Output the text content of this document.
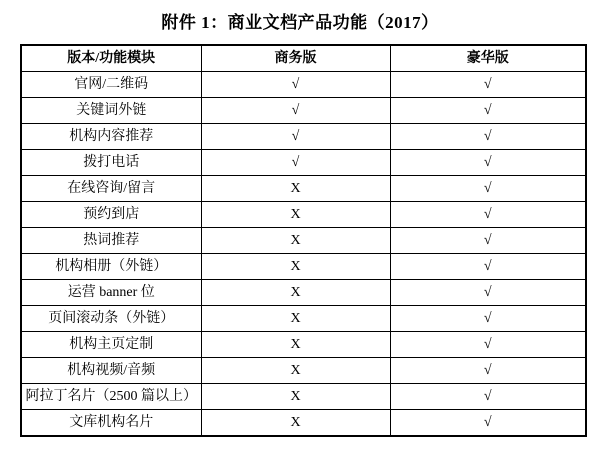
附件 1：商业文档产品功能（2017）
版本/功能模块	商务版	豪华版
官网/二维码	√	√
关键词外链	√	√
机构内容推荐	√	√
拨打电话	√	√
在线咨询/留言	X	√
预约到店	X	√
热词推荐	X	√
机构相册（外链）	X	√
运营 banner 位	X	√
页间滚动条（外链）	X	√
机构主页定制	X	√
机构视频/音频	X	√
阿拉丁名片（2500 篇以上）	X	√
文库机构名片	X	√
